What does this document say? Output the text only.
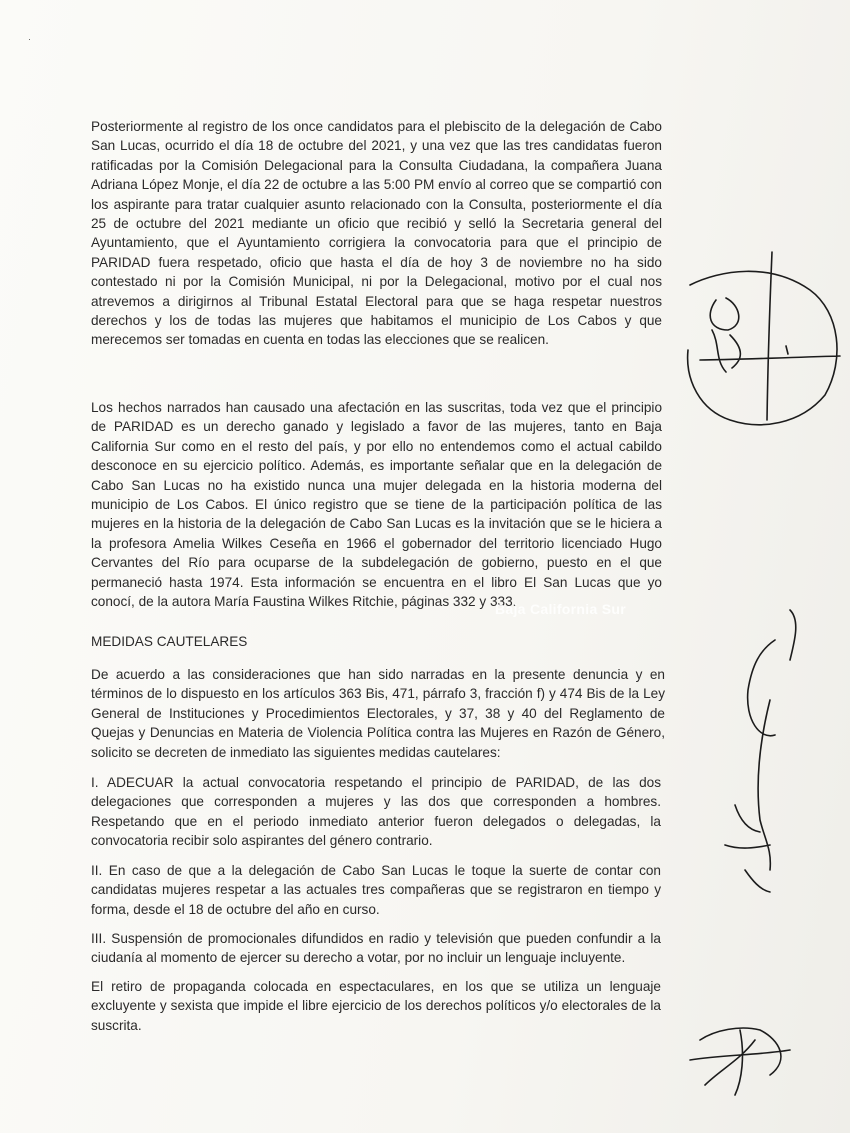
·

Posteriormente al registro de los once candidatos para el plebiscito de la delegación de Cabo San Lucas, ocurrido el día 18 de octubre del 2021, y una vez que las tres candidatas fueron ratificadas por la Comisión Delegacional para la Consulta Ciudadana, la compañera Juana Adriana López Monje, el día 22 de octubre a las 5:00 PM envío al correo que se compartió con los aspirante para tratar cualquier asunto relacionado con la Consulta, posteriormente el día 25 de octubre del 2021 mediante un oficio que recibió y selló la Secretaria general del Ayuntamiento, que el Ayuntamiento corrigiera la convocatoria para que el principio de PARIDAD fuera respetado, oficio que hasta el día de hoy 3 de noviembre no ha sido contestado ni por la Comisión Municipal, ni por la Delegacional, motivo por el cual nos atrevemos a dirigirnos al Tribunal Estatal Electoral para que se haga respetar nuestros derechos y los de todas las mujeres que habitamos el municipio de Los Cabos y que merecemos ser tomadas en cuenta en todas las elecciones que se realicen.

Los hechos narrados han causado una afectación en las suscritas, toda vez que el principio de PARIDAD es un derecho ganado y legislado a favor de las mujeres, tanto en Baja California Sur como en el resto del país, y por ello no entendemos como el actual cabildo desconoce en su ejercicio político. Además, es importante señalar que en la delegación de Cabo San Lucas no ha existido nunca una mujer delegada en la historia moderna del municipio de Los Cabos. El único registro que se tiene de la participación política de las mujeres en la historia de la delegación de Cabo San Lucas es la invitación que se le hiciera a la profesora Amelia Wilkes Ceseña en 1966 el gobernador del territorio licenciado Hugo Cervantes del Río para ocuparse de la subdelegación de gobierno, puesto en el que permaneció hasta 1974. Esta información se encuentra en el libro El San Lucas que yo conocí, de la autora María Faustina Wilkes Ritchie, páginas 332 y 333.

Baja California Sur

MEDIDAS CAUTELARES

De acuerdo a las consideraciones que han sido narradas en la presente denuncia y en términos de lo dispuesto en los artículos 363 Bis, 471, párrafo 3, fracción f) y 474 Bis de la Ley General de Instituciones y Procedimientos Electorales, y 37, 38 y 40 del Reglamento de Quejas y Denuncias en Materia de Violencia Política contra las Mujeres en Razón de Género, solicito se decreten de inmediato las siguientes medidas cautelares:

I. ADECUAR la actual convocatoria respetando el principio de PARIDAD, de las dos delegaciones que corresponden a mujeres y las dos que corresponden a hombres. Respetando que en el periodo inmediato anterior fueron delegados o delegadas, la convocatoria recibir solo aspirantes del género contrario.

II. En caso de que a la delegación de Cabo San Lucas le toque la suerte de contar con candidatas mujeres respetar a las actuales tres compañeras que se registraron en tiempo y forma, desde el 18 de octubre del año en curso.

III. Suspensión de promocionales difundidos en radio y televisión que pueden confundir a la ciudanía al momento de ejercer su derecho a votar, por no incluir un lenguaje incluyente.

El retiro de propaganda colocada en espectaculares, en los que se utiliza un lenguaje excluyente y sexista que impide el libre ejercicio de los derechos políticos y/o electorales de la suscrita.
